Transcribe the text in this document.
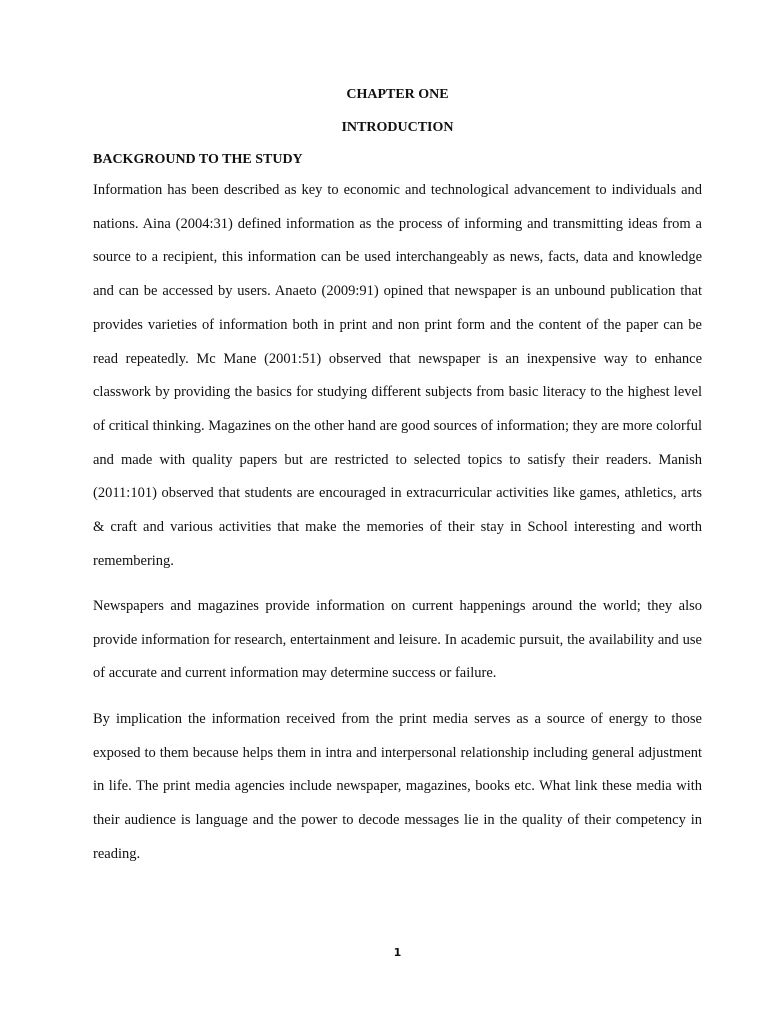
CHAPTER ONE
INTRODUCTION
BACKGROUND TO THE STUDY

Information has been described as key to economic and technological advancement to individuals and nations. Aina (2004:31) defined information as the process of informing and transmitting ideas from a source to a recipient, this information can be used interchangeably as news, facts, data and knowledge and can be accessed by users. Anaeto (2009:91) opined that newspaper is an unbound publication that provides varieties of information both in print and non print form and the content of the paper can be read repeatedly. Mc Mane (2001:51) observed that newspaper is an inexpensive way to enhance classwork by providing the basics for studying different subjects from basic literacy to the highest level of critical thinking. Magazines on the other hand are good sources of information; they are more colorful and made with quality papers but are restricted to selected topics to satisfy their readers. Manish (2011:101) observed that students are encouraged in extracurricular activities like games, athletics, arts & craft and various activities that make the memories of their stay in School interesting and worth remembering.

Newspapers and magazines provide information on current happenings around the world; they also provide information for research, entertainment and leisure. In academic pursuit, the availability and use of accurate and current information may determine success or failure.

By implication the information received from the print media serves as a source of energy to those exposed to them because helps them in intra and interpersonal relationship including general adjustment in life. The print media agencies include newspaper, magazines, books etc. What link these media with their audience is language and the power to decode messages lie in the quality of their competency in reading.

1
